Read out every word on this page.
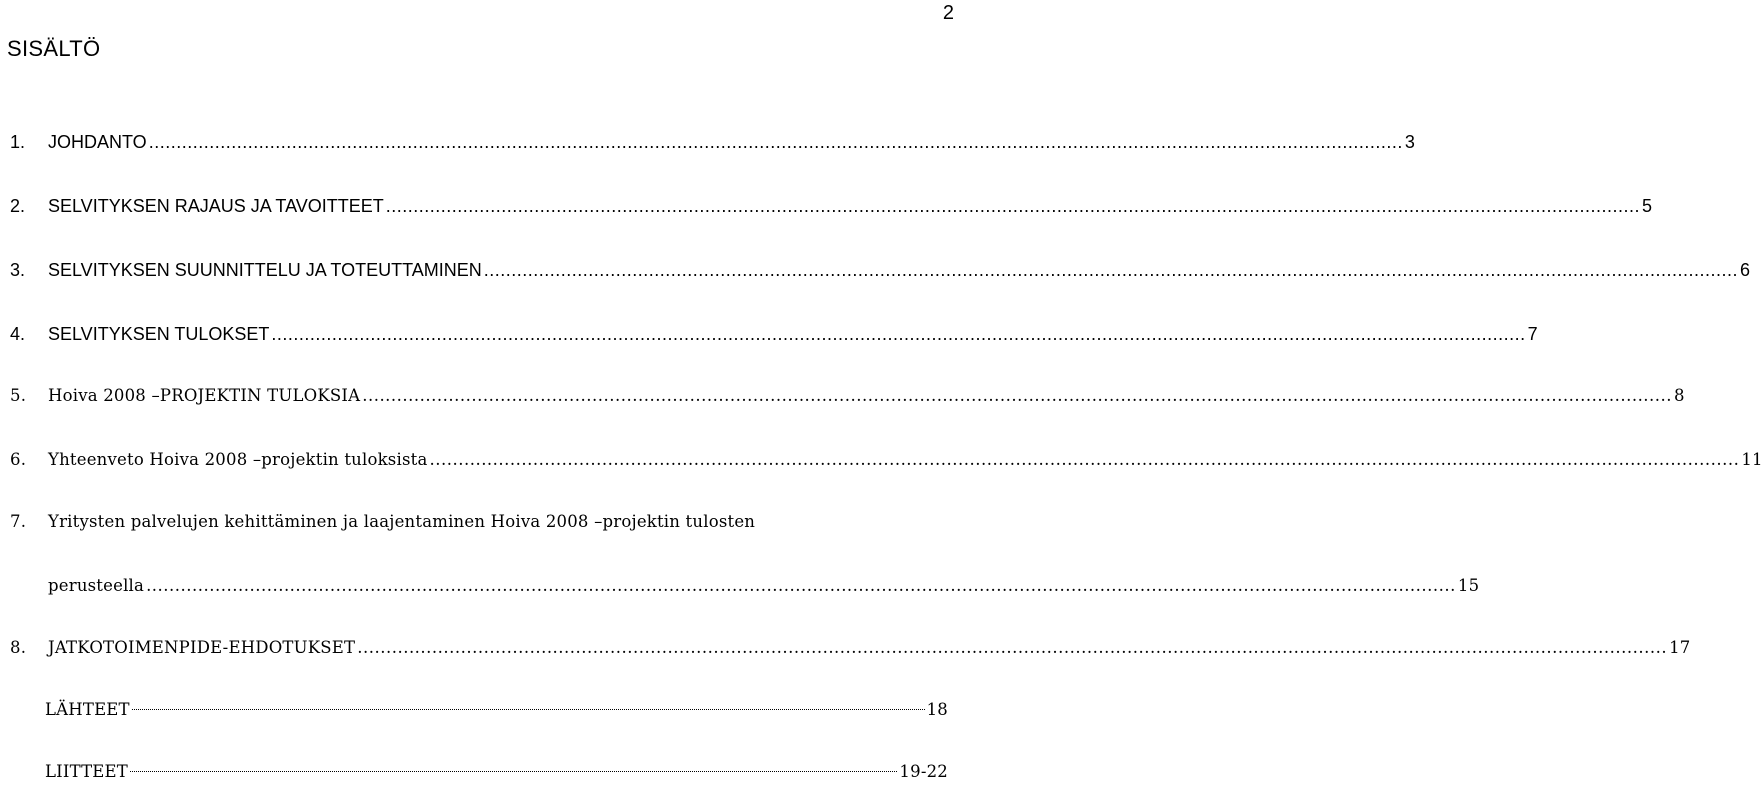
2
SISÄLTÖ
1. JOHDANTO .................................................................................................................................................................................................................................... 3
2. SELVITYKSEN RAJAUS JA TAVOITTEET .................................................................................................................................................................................................................................... 5
3. SELVITYKSEN SUUNNITTELU JA TOTEUTTAMINEN .................................................................................................................................................................................................................................... 6
4. SELVITYKSEN TULOKSET .................................................................................................................................................................................................................................... 7
5. Hoiva 2008 –PROJEKTIN TULOKSIA .................................................................................................................................................................................................................................... 8
6. Yhteenveto Hoiva 2008 –projektin tuloksista .................................................................................................................................................................................................................................... 11
7. Yritysten palvelujen kehittäminen ja laajentaminen Hoiva 2008 –projektin tulosten
perusteella .................................................................................................................................................................................................................................... 15
8. JATKOTOIMENPIDE-EHDOTUKSET .................................................................................................................................................................................................................................... 17
LÄHTEET	18
LIITTEET	19-22
